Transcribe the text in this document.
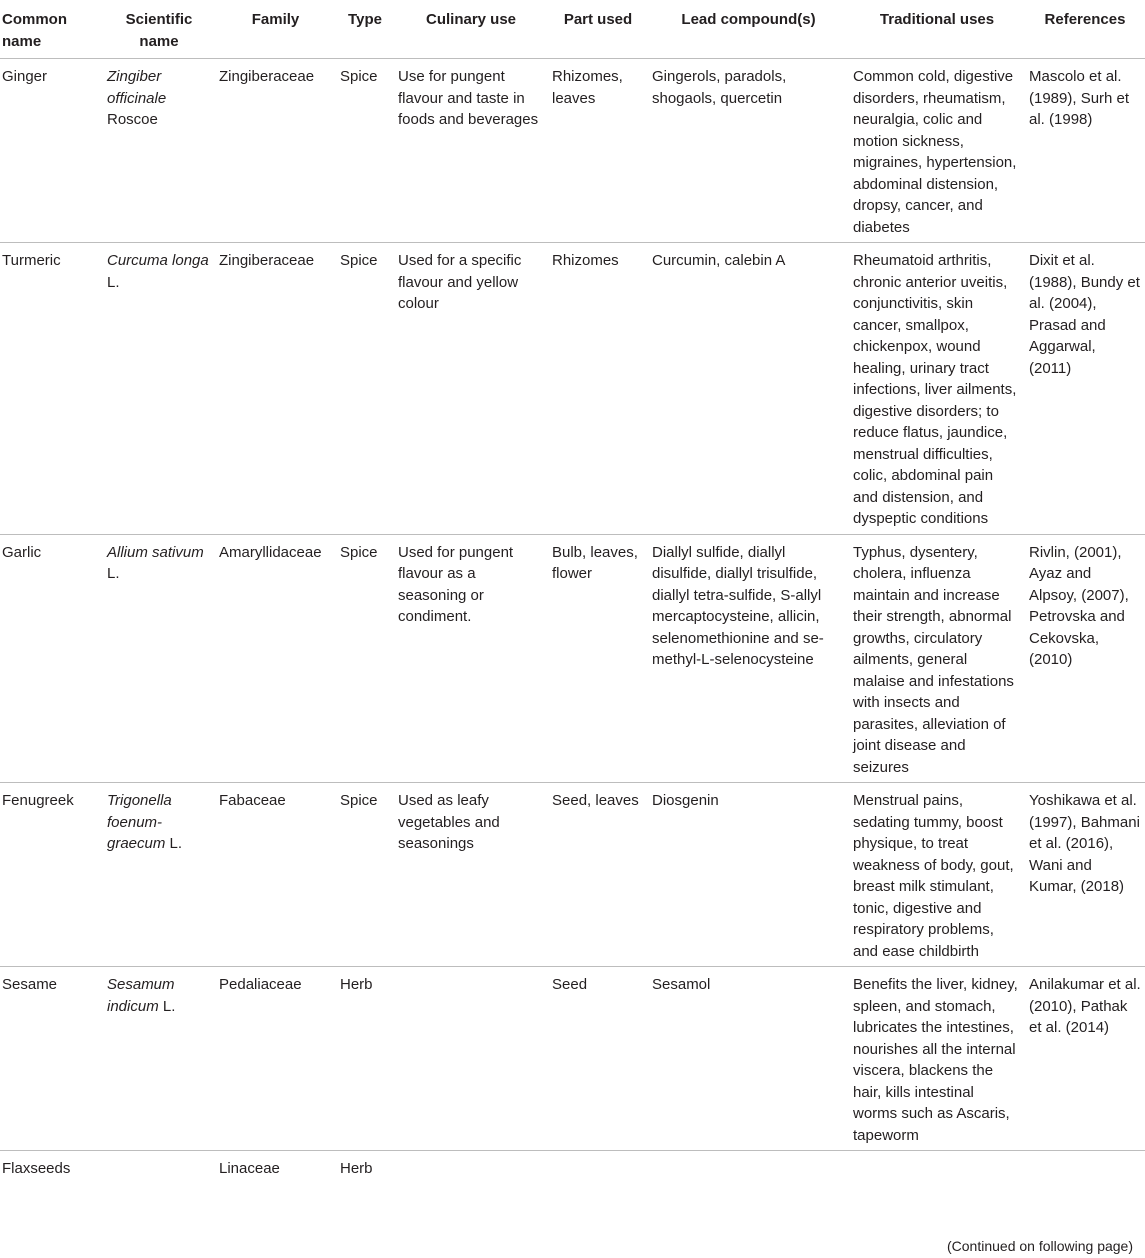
Common name	Scientific name	Family	Type	Culinary use	Part used	Lead compound(s)	Traditional uses	References
Ginger	Zingiber officinale Roscoe	Zingiberaceae	Spice	Use for pungent flavour and taste in foods and beverages	Rhizomes, leaves	Gingerols, paradols, shogaols, quercetin	Common cold, digestive disorders, rheumatism, neuralgia, colic and motion sickness, migraines, hypertension, abdominal distension, dropsy, cancer, and diabetes	Mascolo et al. (1989), Surh et al. (1998)
Turmeric	Curcuma longa L.	Zingiberaceae	Spice	Used for a specific flavour and yellow colour	Rhizomes	Curcumin, calebin A	Rheumatoid arthritis, chronic anterior uveitis, conjunctivitis, skin cancer, smallpox, chickenpox, wound healing, urinary tract infections, liver ailments, digestive disorders; to reduce flatus, jaundice, menstrual difficulties, colic, abdominal pain and distension, and dyspeptic conditions	Dixit et al. (1988), Bundy et al. (2004), Prasad and Aggarwal, (2011)
Garlic	Allium sativum L.	Amaryllidaceae	Spice	Used for pungent flavour as a seasoning or condiment.	Bulb, leaves, flower	Diallyl sulfide, diallyl disulfide, diallyl trisulfide, diallyl tetra-sulfide, S-allyl mercaptocysteine, allicin, selenomethionine and se-methyl-L-selenocysteine	Typhus, dysentery, cholera, influenza maintain and increase their strength, abnormal growths, circulatory ailments, general malaise and infestations with insects and parasites, alleviation of joint disease and seizures	Rivlin, (2001), Ayaz and Alpsoy, (2007), Petrovska and Cekovska, (2010)
Fenugreek	Trigonella foenum-graecum L.	Fabaceae	Spice	Used as leafy vegetables and seasonings	Seed, leaves	Diosgenin	Menstrual pains, sedating tummy, boost physique, to treat weakness of body, gout, breast milk stimulant, tonic, digestive and respiratory problems, and ease childbirth	Yoshikawa et al. (1997), Bahmani et al. (2016), Wani and Kumar, (2018)
Sesame	Sesamum indicum L.	Pedaliaceae	Herb		Seed	Sesamol	Benefits the liver, kidney, spleen, and stomach, lubricates the intestines, nourishes all the internal viscera, blackens the hair, kills intestinal worms such as Ascaris, tapeworm	Anilakumar et al. (2010), Pathak et al. (2014)
Flaxseeds		Linaceae	Herb					
(Continued on following page)
